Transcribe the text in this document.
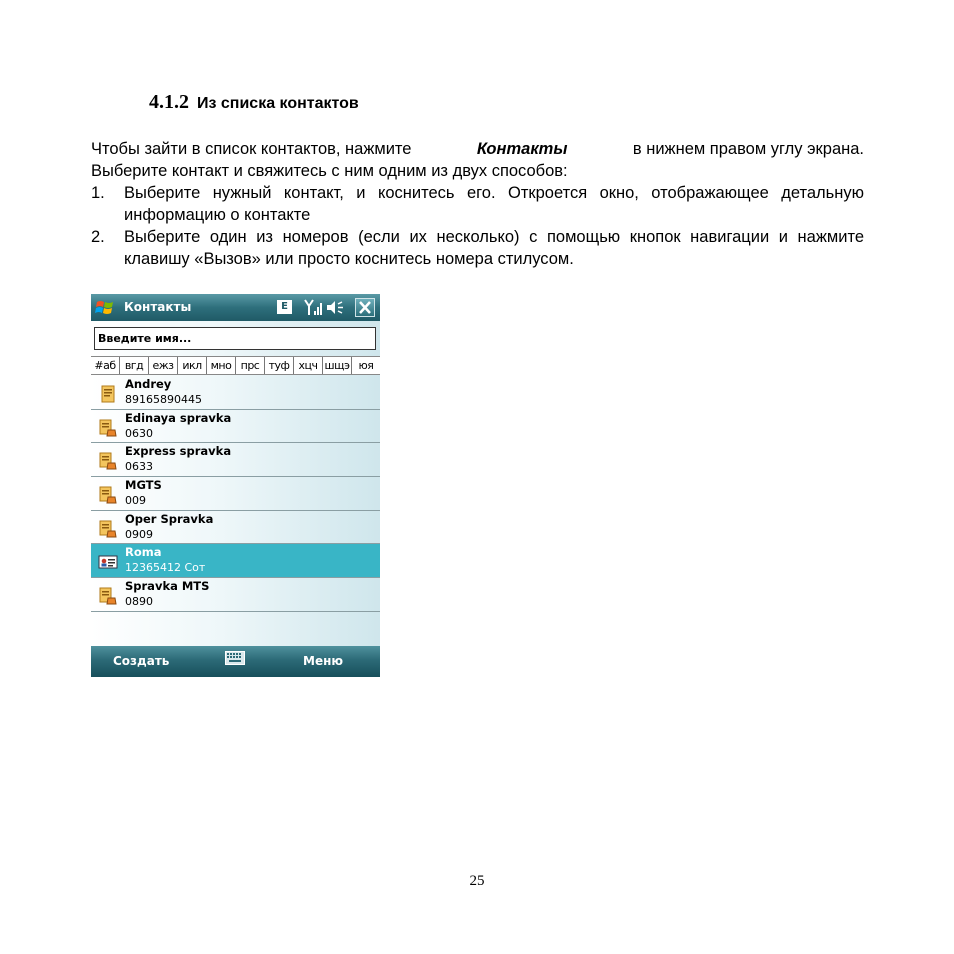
4.1.2 Из списка контактов
Чтобы зайти в список контактов, нажмите	Контакты	в нижнем правом углу экрана.
Выберите контакт и свяжитесь с ним одним из двух способов:
1. Выберите нужный контакт, и коснитесь его. Откроется окно, отображающее детальную информацию о контакте
2. Выберите один из номеров (если их несколько) с помощью кнопок навигации и нажмите клавишу «Вызов» или просто коснитесь номера стилусом.
Контакты	E
Введите имя...
#аб вгд ежз икл мно прс туф хцч шщэ юя
Andrey
89165890445
Edinaya spravka
0630
Express spravka
0633
MGTS
009
Oper Spravka
0909
Roma
12365412 Сот
Spravka MTS
0890
Создать	Меню
25
